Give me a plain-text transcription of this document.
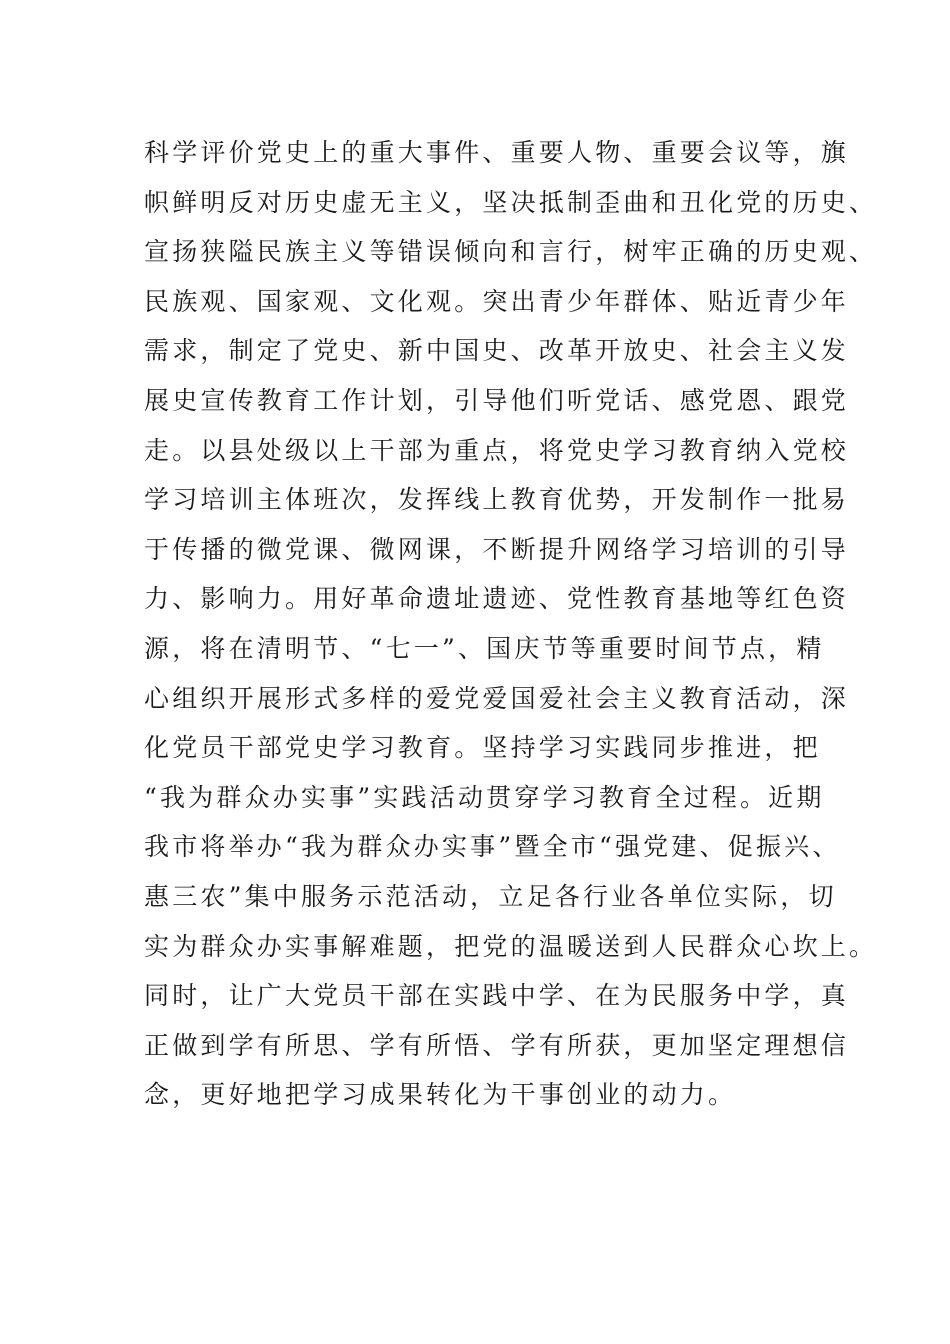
科学评价党史上的重大事件、重要人物、重要会议等，旗
帜鲜明反对历史虚无主义，坚决抵制歪曲和丑化党的历史、
宣扬狭隘民族主义等错误倾向和言行，树牢正确的历史观、
民族观、国家观、文化观。突出青少年群体、贴近青少年
需求，制定了党史、新中国史、改革开放史、社会主义发
展史宣传教育工作计划，引导他们听党话、感党恩、跟党
走。以县处级以上干部为重点，将党史学习教育纳入党校
学习培训主体班次，发挥线上教育优势，开发制作一批易
于传播的微党课、微网课，不断提升网络学习培训的引导
力、影响力。用好革命遗址遗迹、党性教育基地等红色资
源，将在清明节、“七一”、国庆节等重要时间节点，精
心组织开展形式多样的爱党爱国爱社会主义教育活动，深
化党员干部党史学习教育。坚持学习实践同步推进，把
“我为群众办实事”实践活动贯穿学习教育全过程。近期
我市将举办“我为群众办实事”暨全市“强党建、促振兴、
惠三农”集中服务示范活动，立足各行业各单位实际，切
实为群众办实事解难题，把党的温暖送到人民群众心坎上。
同时，让广大党员干部在实践中学、在为民服务中学，真
正做到学有所思、学有所悟、学有所获，更加坚定理想信
念，更好地把学习成果转化为干事创业的动力。
